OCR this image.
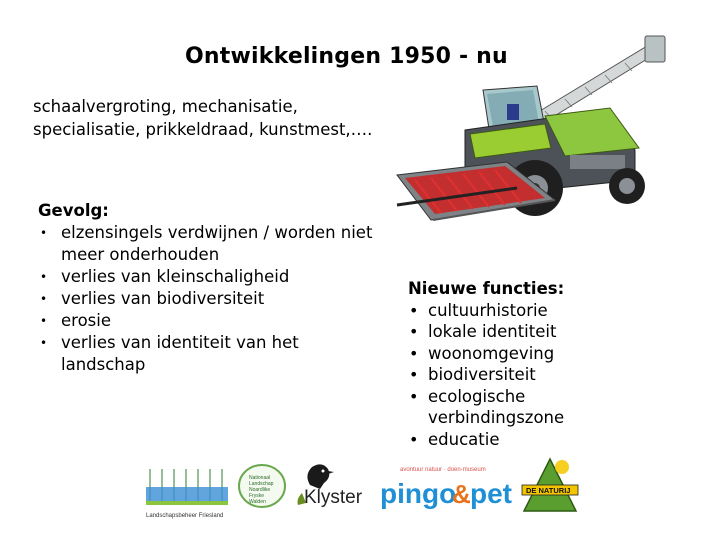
Ontwikkelingen 1950 - nu
schaalvergroting, mechanisatie,
specialisatie, prikkeldraad, kunstmest,….
Gevolg:
• elzensingels verdwijnen / worden niet meer onderhouden
• verlies van kleinschaligheid
• verlies van biodiversiteit
• erosie
• verlies van identiteit van het landschap
Nieuwe functies:
• cultuurhistorie
• lokale identiteit
• woonomgeving
• biodiversiteit
• ecologische verbindingszone
• educatie
Landschapsbeheer Friesland
Nationaal
Landschap
Noardlike
Fryske
Walden Klyster
avontuur natuur · doen-museum
pingo
& pet DE NATURIJ
